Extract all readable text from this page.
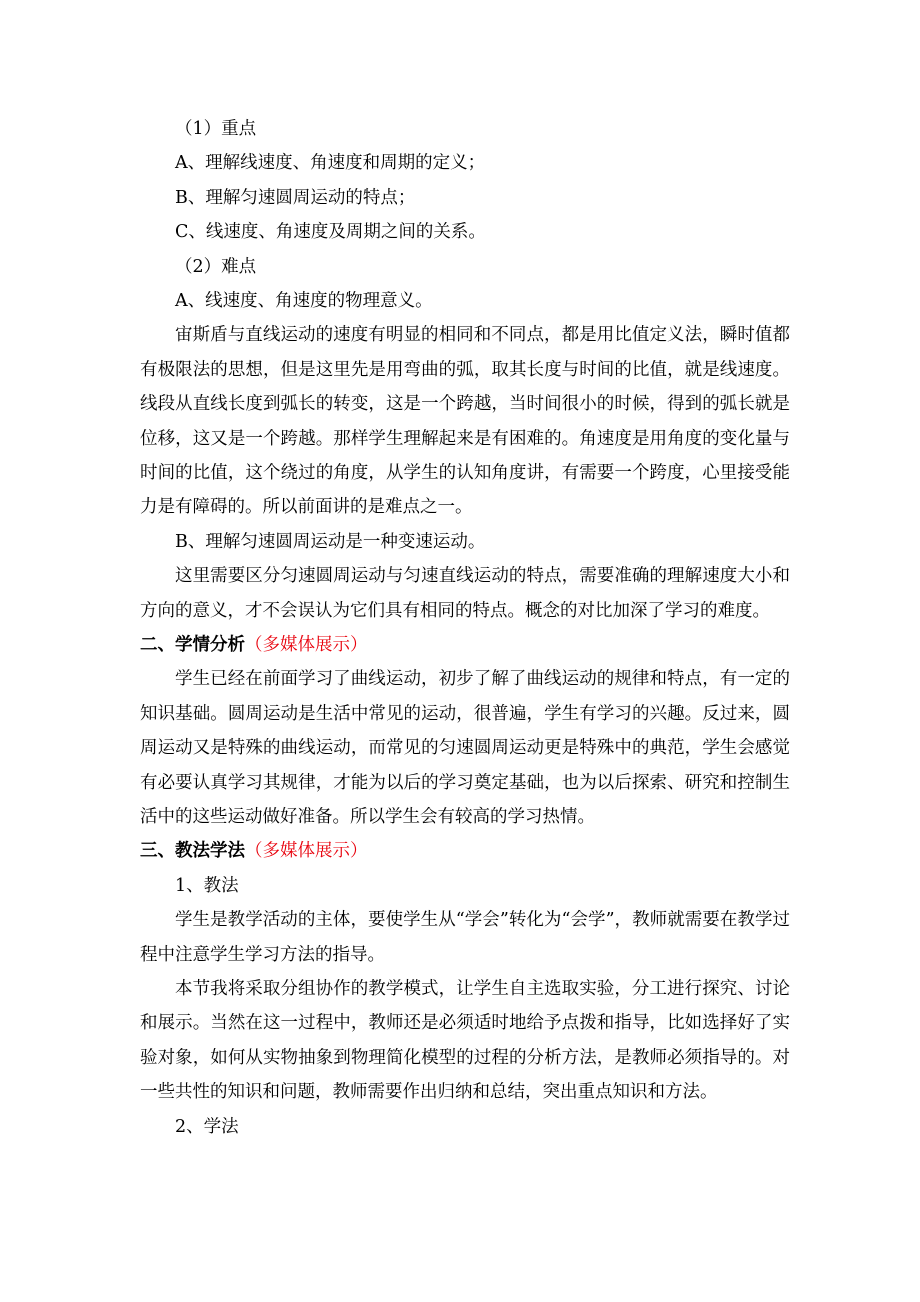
（1）重点
A、理解线速度、角速度和周期的定义；
B、理解匀速圆周运动的特点；
C、线速度、角速度及周期之间的关系。
（2）难点
A、线速度、角速度的物理意义。
宙斯盾与直线运动的速度有明显的相同和不同点，都是用比值定义法，瞬时值都有极限法的思想，但是这里先是用弯曲的弧，取其长度与时间的比值，就是线速度。线段从直线长度到弧长的转变，这是一个跨越，当时间很小的时候，得到的弧长就是位移，这又是一个跨越。那样学生理解起来是有困难的。角速度是用角度的变化量与时间的比值，这个绕过的角度，从学生的认知角度讲，有需要一个跨度，心里接受能力是有障碍的。所以前面讲的是难点之一。
B、理解匀速圆周运动是一种变速运动。
这里需要区分匀速圆周运动与匀速直线运动的特点，需要准确的理解速度大小和方向的意义，才不会误认为它们具有相同的特点。概念的对比加深了学习的难度。
二、学情分析（多媒体展示）
学生已经在前面学习了曲线运动，初步了解了曲线运动的规律和特点，有一定的知识基础。圆周运动是生活中常见的运动，很普遍，学生有学习的兴趣。反过来，圆周运动又是特殊的曲线运动，而常见的匀速圆周运动更是特殊中的典范，学生会感觉有必要认真学习其规律，才能为以后的学习奠定基础，也为以后探索、研究和控制生活中的这些运动做好准备。所以学生会有较高的学习热情。
三、教法学法（多媒体展示）
1、教法
学生是教学活动的主体，要使学生从“学会”转化为“会学”，教师就需要在教学过程中注意学生学习方法的指导。
本节我将采取分组协作的教学模式，让学生自主选取实验，分工进行探究、讨论和展示。当然在这一过程中，教师还是必须适时地给予点拨和指导，比如选择好了实验对象，如何从实物抽象到物理简化模型的过程的分析方法，是教师必须指导的。对一些共性的知识和问题，教师需要作出归纳和总结，突出重点知识和方法。
2、学法
